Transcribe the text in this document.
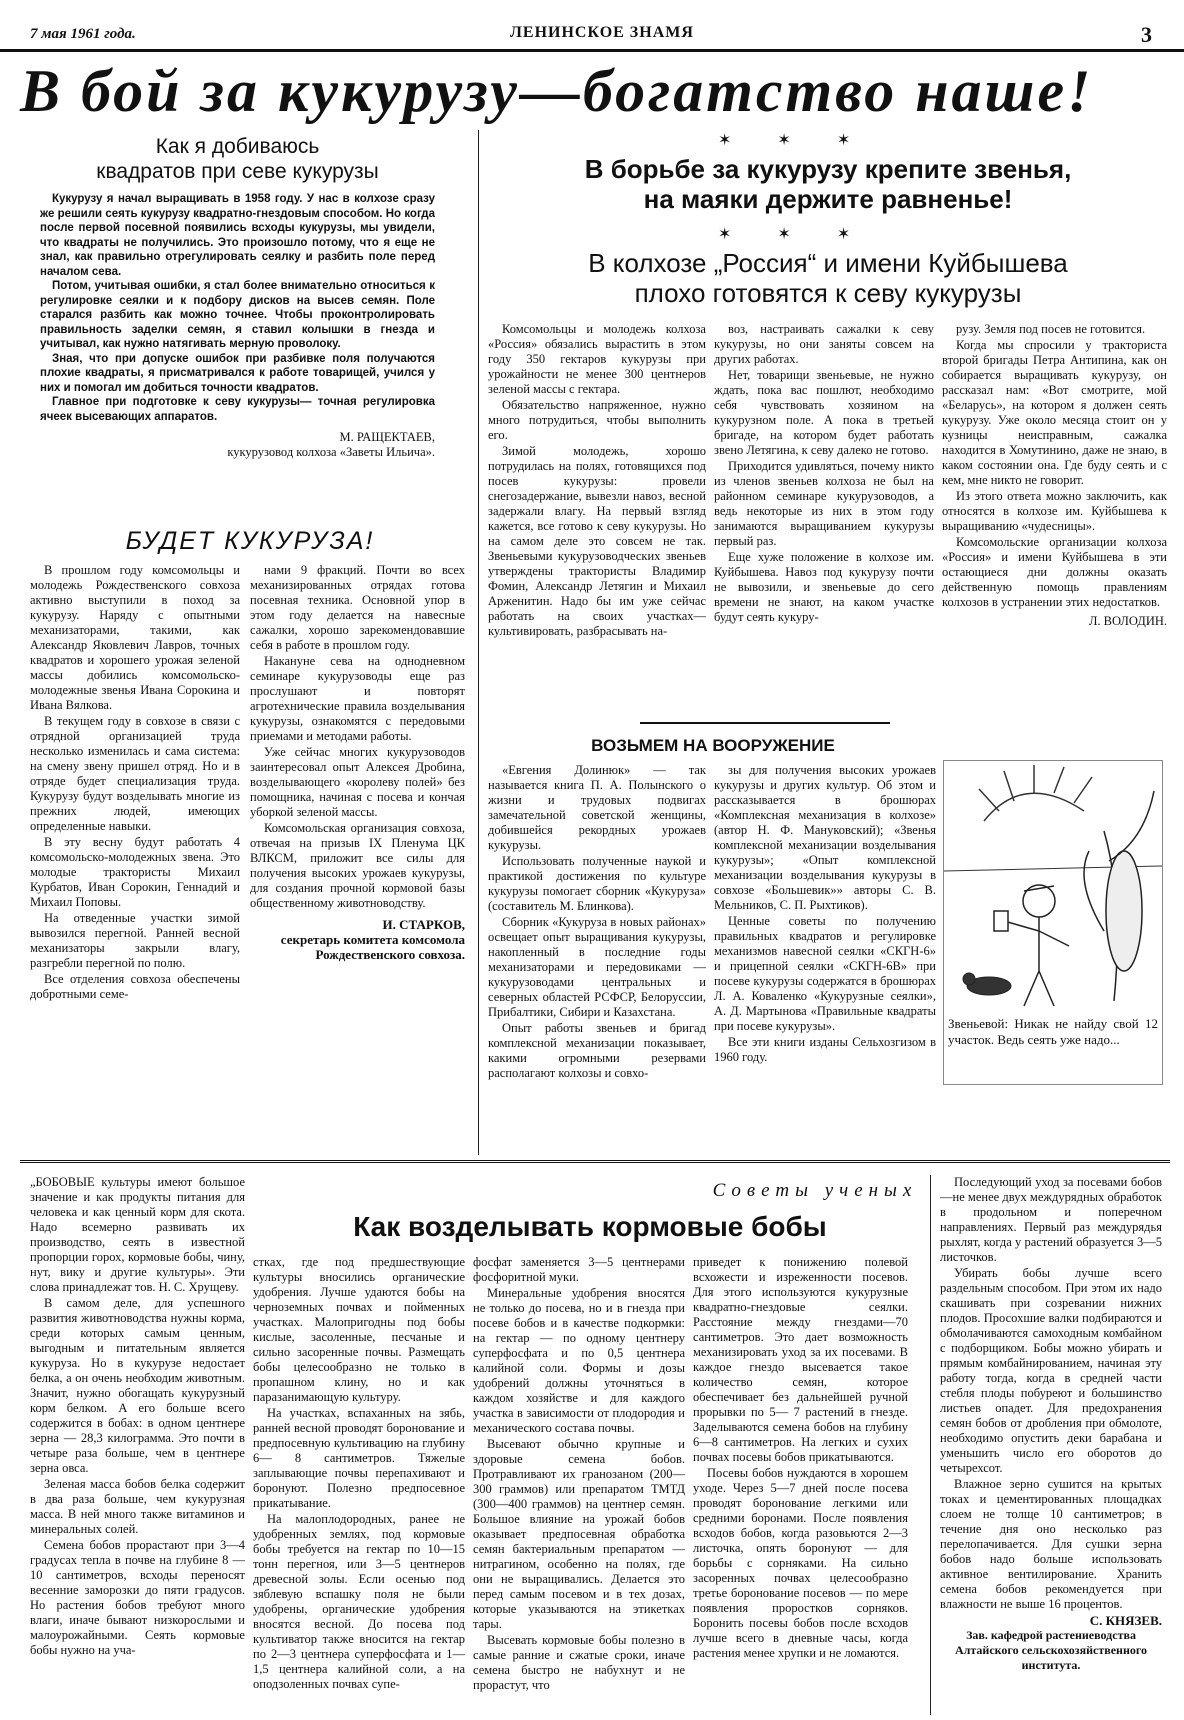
7 мая 1961 года.	ЛЕНИНСКОЕ ЗНАМЯ	3
В бой за кукурузу—богатство наше!
Как я добиваюсь
квадратов при севе кукурузы

Кукурузу я начал выращивать в 1958 году. У нас в колхозе сразу же решили сеять кукурузу квадратно-гнездовым способом. Но когда после первой посевной появились всходы кукурузы, мы увидели, что квадраты не получились. Это произошло потому, что я еще не знал, как правильно отрегулировать сеялку и разбить поле перед началом сева.

Потом, учитывая ошибки, я стал более внимательно относиться к регулировке сеялки и к подбору дисков на высев семян. Поле старался разбить как можно точнее. Чтобы проконтролировать правильность заделки семян, я ставил колышки в гнезда и учитывал, как нужно натягивать мерную проволоку.

Зная, что при допуске ошибок при разбивке поля получаются плохие квадраты, я присматривался к работе товарищей, учился у них и помогал им добиться точности квадратов.

Главное при подготовке к севу кукурузы— точная регулировка ячеек высевающих аппаратов.

М. РАЩЕКТАЕВ,
кукурузовод колхоза «Заветы Ильича».
БУДЕТ КУКУРУЗА!

В прошлом году комсомольцы и молодежь Рождественского совхоза активно выступили в поход за кукурузу. Наряду с опытными механизаторами, такими, как Александр Яковлевич Лавров, точных квадратов и хорошего урожая зеленой массы добились комсомольско-молодежные звенья Ивана Сорокина и Ивана Вялкова.

В текущем году в совхозе в связи с отрядной организацией труда несколько изменилась и сама система: на смену звену пришел отряд. Но и в отряде будет специализация труда. Кукурузу будут возделывать многие из прежних людей, имеющих определенные навыки.

В эту весну будут работать 4 комсомольско-молодежных звена. Это молодые трактористы Михаил Курбатов, Иван Сорокин, Геннадий и Михаил Поповы.

На отведенные участки зимой вывозился перегной. Ранней весной механизаторы закрыли влагу, разгребли перегной по полю.

Все отделения совхоза обеспечены добротными семе-

нами 9 фракций. Почти во всех механизированных отрядах готова посевная техника. Основной упор в этом году делается на навесные сажалки, хорошо зарекомендовавшие себя в работе в прошлом году.

Накануне сева на однодневном семинаре кукурузоводы еще раз прослушают и повторят агротехнические правила возделывания кукурузы, ознакомятся с передовыми приемами и методами работы.

Уже сейчас многих кукурузоводов заинтересовал опыт Алексея Дробина, возделывающего «королеву полей» без помощника, начиная с посева и кончая уборкой зеленой массы.

Комсомольская организация совхоза, отвечая на призыв IX Пленума ЦК ВЛКСМ, приложит все силы для получения высоких урожаев кукурузы, для создания прочной кормовой базы общественному животноводству.

И. СТАРКОВ,
секретарь комитета комсомола Рождественского совхоза.
✶✶✶
В борьбе за кукурузу крепите звенья,
на маяки держите равненье!
✶✶✶
В колхозе „Россия“ и имени Куйбышева
плохо готовятся к севу кукурузы

Комсомольцы и молодежь колхоза «Россия» обязались вырастить в этом году 350 гектаров кукурузы при урожайности не менее 300 центнеров зеленой массы с гектара.

Обязательство напряженное, нужно много потрудиться, чтобы выполнить его.

Зимой молодежь, хорошо потрудилась на полях, готовящихся под посев кукурузы: провели снегозадержание, вывезли навоз, весной задержали влагу. На первый взгляд кажется, все готово к севу кукурузы. Но на самом деле это совсем не так. Звеньевыми кукурузоводческих звеньев утверждены трактористы Владимир Фомин, Александр Летягин и Михаил Арженитин. Надо бы им уже сейчас работать на своих участках—культивировать, разбрасывать на-

воз, настраивать сажалки к севу кукурузы, но они заняты совсем на других работах.

Нет, товарищи звеньевые, не нужно ждать, пока вас пошлют, необходимо себя чувствовать хозяином на кукурузном поле. А пока в третьей бригаде, на котором будет работать звено Летягина, к севу далеко не готово.

Приходится удивляться, почему никто из членов звеньев колхоза не был на районном семинаре кукурузоводов, а ведь некоторые из них в этом году занимаются выращиванием кукурузы первый раз.

Еще хуже положение в колхозе им. Куйбышева. Навоз под кукурузу почти не вывозили, и звеньевые до сего времени не знают, на каком участке будут сеять кукуру-

рузу. Земля под посев не готовится.

Когда мы спросили у тракториста второй бригады Петра Антипина, как он собирается выращивать кукурузу, он рассказал нам: «Вот смотрите, мой «Беларусь», на котором я должен сеять кукурузу. Уже около месяца стоит он у кузницы неисправным, сажалка находится в Хомутинино, даже не знаю, в каком состоянии она. Где буду сеять и с кем, мне никто не говорит.

Из этого ответа можно заключить, как относятся в колхозе им. Куйбышева к выращиванию «чудесницы».

Комсомольские организации колхоза «Россия» и имени Куйбышева в эти остающиеся дни должны оказать действенную помощь правлениям колхозов в устранении этих недостатков.

Л. ВОЛОДИН.
ВОЗЬМЕМ НА ВООРУЖЕНИЕ

«Евгения Долинюк» — так называется книга П. А. Полынского о жизни и трудовых подвигах замечательной советской женщины, добившейся рекордных урожаев кукурузы.

Использовать полученные наукой и практикой достижения по культуре кукурузы помогает сборник «Кукуруза» (составитель М. Блинкова).

Сборник «Кукуруза в новых районах» освещает опыт выращивания кукурузы, накопленный в последние годы механизаторами и передовиками — кукурузоводами центральных и северных областей РСФСР, Белоруссии, Прибалтики, Сибири и Казахстана.

Опыт работы звеньев и бригад комплексной механизации показывает, какими огромными резервами располагают колхозы и совхо-

зы для получения высоких урожаев кукурузы и других культур. Об этом и рассказывается в брошюрах «Комплексная механизация в колхозе» (автор Н. Ф. Мануковский); «Звенья комплексной механизации возделывания кукурузы»; «Опыт комплексной механизации возделывания кукурузы в совхозе «Большевик»» авторы С. В. Мельников, С. П. Рыхтиков).

Ценные советы по получению правильных квадратов и регулировке механизмов навесной сеялки «СКГН-6» и прицепной сеялки «СКГН-6В» при посеве кукурузы содержатся в брошюрах Л. А. Коваленко «Кукурузные сеялки», А. Д. Мартынова «Правильные квадраты при посеве кукурузы».

Все эти книги изданы Сельхозгизом в 1960 году.

Звеньевой: Никак не найду свой 12 участок. Ведь сеять уже надо...
Советы ученых
Как возделывать кормовые бобы

„БОБОВЫЕ культуры имеют большое значение и как продукты питания для человека и как ценный корм для скота. Надо всемерно развивать их производство, сеять в известной пропорции горох, кормовые бобы, чину, нут, вику и другие культуры». Эти слова принадлежат тов. Н. С. Хрущеву.

В самом деле, для успешного развития животноводства нужны корма, среди которых самым ценным, выгодным и питательным является кукуруза. Но в кукурузе недостает белка, а он очень необходим животным. Значит, нужно обогащать кукурузный корм белком. А его больше всего содержится в бобах: в одном центнере зерна — 28,3 килограмма. Это почти в четыре раза больше, чем в центнере зерна овса.

Зеленая масса бобов белка содержит в два раза больше, чем кукурузная масса. В ней много также витаминов и минеральных солей.

Семена бобов прорастают при 3—4 градусах тепла в почве на глубине 8 — 10 сантиметров, всходы переносят весенние заморозки до пяти градусов. Но растения бобов требуют много влаги, иначе бывают низкорослыми и малоурожайными. Сеять кормовые бобы нужно на уча-

стках, где под предшествующие культуры вносились органические удобрения. Лучше удаются бобы на черноземных почвах и пойменных участках. Малопригодны под бобы кислые, засоленные, песчаные и сильно засоренные почвы. Размещать бобы целесообразно не только в пропашном клину, но и как паразанимающую культуру.

На участках, вспаханных на зябь, ранней весной проводят боронование и предпосевную культивацию на глубину 6— 8 сантиметров. Тяжелые заплывающие почвы перепахивают и боронуют. Полезно предпосевное прикатывание.

На малоплодородных, ранее не удобренных землях, под кормовые бобы требуется на гектар по 10—15 тонн перегноя, или 3—5 центнеров древесной золы. Если осенью под зяблевую вспашку поля не были удобрены, органические удобрения вносятся весной. До посева под культиватор также вносится на гектар по 2—3 центнера суперфосфата и 1—1,5 центнера калийной соли, а на оподзоленных почвах супе-

фосфат заменяется 3—5 центнерами фосфоритной муки.

Минеральные удобрения вносятся не только до посева, но и в гнезда при посеве бобов и в качестве подкормки: на гектар — по одному центнеру суперфосфата и по 0,5 центнера калийной соли. Формы и дозы удобрений должны уточняться в каждом хозяйстве и для каждого участка в зависимости от плодородия и механического состава почвы.

Высевают обычно крупные и здоровые семена бобов. Протравливают их гранозаном (200—300 граммов) или препаратом ТМТД (300—400 граммов) на центнер семян. Большое влияние на урожай бобов оказывает предпосевная обработка семян бактериальным препаратом — нитрагином, особенно на полях, где они не выращивались. Делается это перед самым посевом и в тех дозах, которые указываются на этикетках тары.

Высевать кормовые бобы полезно в самые ранние и сжатые сроки, иначе семена быстро не набухнут и не прорастут, что

приведет к понижению полевой всхожести и изреженности посевов. Для этого используются кукурузные квадратно-гнездовые сеялки. Расстояние между гнездами—70 сантиметров. Это дает возможность механизировать уход за их посевами. В каждое гнездо высевается такое количество семян, которое обеспечивает без дальнейшей ручной прорывки по 5— 7 растений в гнезде. Заделываются семена бобов на глубину 6—8 сантиметров. На легких и сухих почвах посевы бобов прикатываются.

Посевы бобов нуждаются в хорошем уходе. Через 5—7 дней после посева проводят боронование легкими или средними боронами. После появления всходов бобов, когда разовьются 2—3 листочка, опять боронуют — для борьбы с сорняками. На сильно засоренных почвах целесообразно третье боронование посевов — по мере появления проростков сорняков. Боронить посевы бобов после всходов лучше всего в дневные часы, когда растения менее хрупки и не ломаются.

Последующий уход за посевами бобов—не менее двух междурядных обработок в продольном и поперечном направлениях. Первый раз междурядья рыхлят, когда у растений образуется 3—5 листочков.

Убирать бобы лучше всего раздельным способом. При этом их надо скашивать при созревании нижних плодов. Просохшие валки подбираются и обмолачиваются самоходным комбайном с подборщиком. Бобы можно убирать и прямым комбайнированием, начиная эту работу тогда, когда в средней части стебля плоды побуреют и большинство листьев опадет. Для предохранения семян бобов от дробления при обмолоте, необходимо опустить деки барабана и уменьшить число его оборотов до четырехсот.

Влажное зерно сушится на крытых токах и цементированных площадках слоем не толще 10 сантиметров; в течение дня оно несколько раз перелопачивается. Для сушки зерна бобов надо больше использовать активное вентилирование. Хранить семена бобов рекомендуется при влажности не выше 16 процентов.

С. КНЯЗЕВ.
Зав. кафедрой растениеводства Алтайского сельскохозяйственного института.
